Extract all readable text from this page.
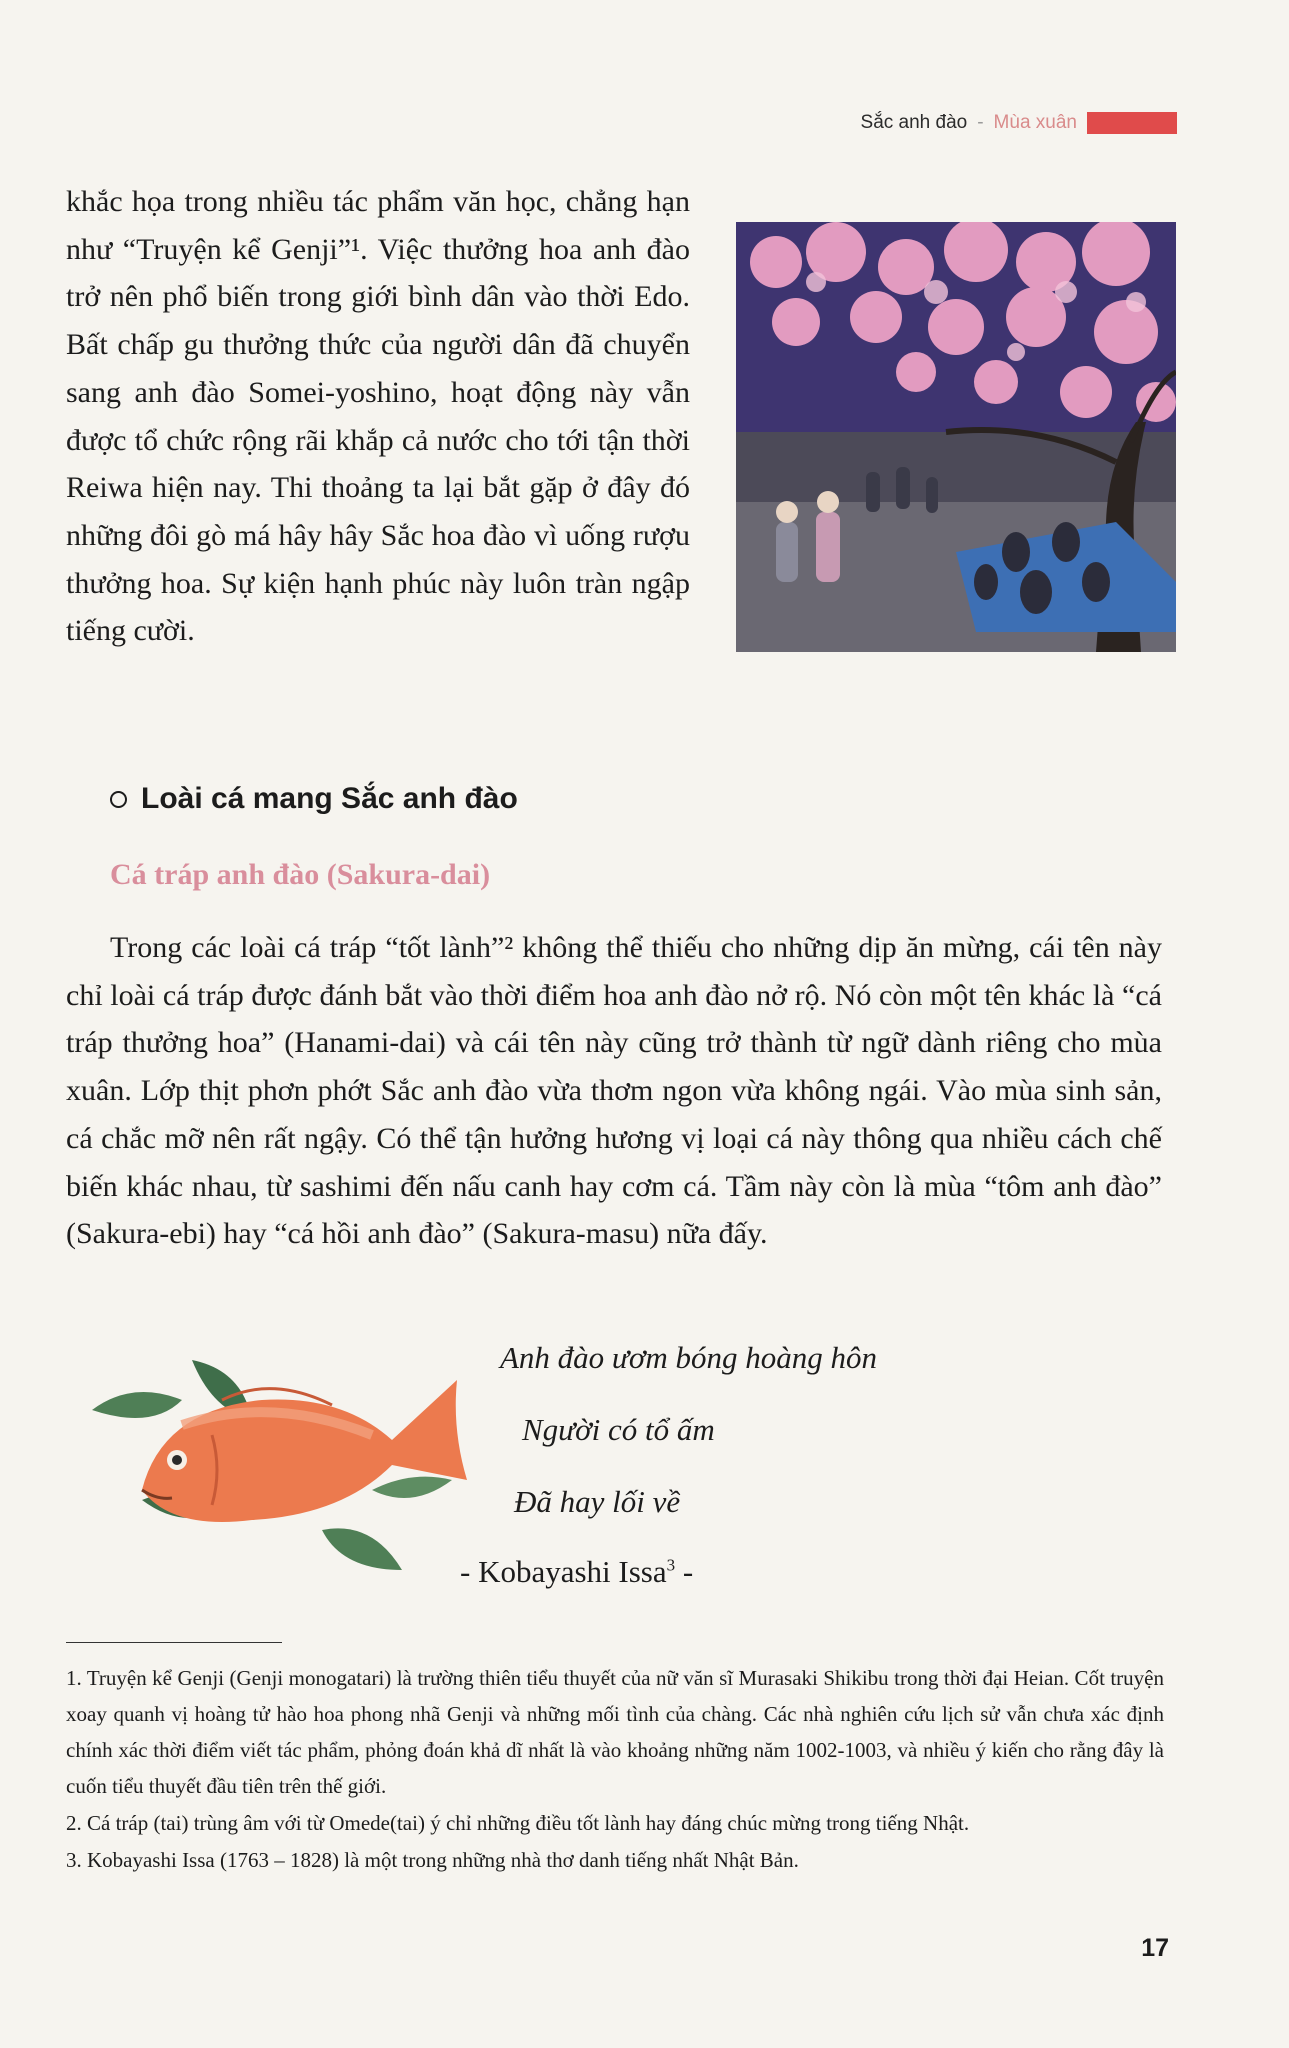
Sắc anh đào - Mùa xuân

khắc họa trong nhiều tác phẩm văn học, chẳng hạn như “Truyện kể Genji”¹. Việc thưởng hoa anh đào trở nên phổ biến trong giới bình dân vào thời Edo. Bất chấp gu thưởng thức của người dân đã chuyển sang anh đào Somei-yoshino, hoạt động này vẫn được tổ chức rộng rãi khắp cả nước cho tới tận thời Reiwa hiện nay. Thi thoảng ta lại bắt gặp ở đây đó những đôi gò má hây hây Sắc hoa đào vì uống rượu thưởng hoa. Sự kiện hạnh phúc này luôn tràn ngập tiếng cười.

Loài cá mang Sắc anh đào
Cá tráp anh đào (Sakura-dai)

Trong các loài cá tráp “tốt lành”² không thể thiếu cho những dịp ăn mừng, cái tên này chỉ loài cá tráp được đánh bắt vào thời điểm hoa anh đào nở rộ. Nó còn một tên khác là “cá tráp thưởng hoa” (Hanami-dai) và cái tên này cũng trở thành từ ngữ dành riêng cho mùa xuân. Lớp thịt phơn phớt Sắc anh đào vừa thơm ngon vừa không ngái. Vào mùa sinh sản, cá chắc mỡ nên rất ngậy. Có thể tận hưởng hương vị loại cá này thông qua nhiều cách chế biến khác nhau, từ sashimi đến nấu canh hay cơm cá. Tầm này còn là mùa “tôm anh đào” (Sakura-ebi) hay “cá hồi anh đào” (Sakura-masu) nữa đấy.

Anh đào ươm bóng hoàng hôn

Người có tổ ấm

Đã hay lối về

- Kobayashi Issa$^3$ -

1. Truyện kể Genji (Genji monogatari) là trường thiên tiểu thuyết của nữ văn sĩ Murasaki Shikibu trong thời đại Heian. Cốt truyện xoay quanh vị hoàng tử hào hoa phong nhã Genji và những mối tình của chàng. Các nhà nghiên cứu lịch sử vẫn chưa xác định chính xác thời điểm viết tác phẩm, phỏng đoán khả dĩ nhất là vào khoảng những năm 1002-1003, và nhiều ý kiến cho rằng đây là cuốn tiểu thuyết đầu tiên trên thế giới.
2. Cá tráp (tai) trùng âm với từ Omede(tai) ý chỉ những điều tốt lành hay đáng chúc mừng trong tiếng Nhật.
3. Kobayashi Issa (1763 – 1828) là một trong những nhà thơ danh tiếng nhất Nhật Bản.
17
